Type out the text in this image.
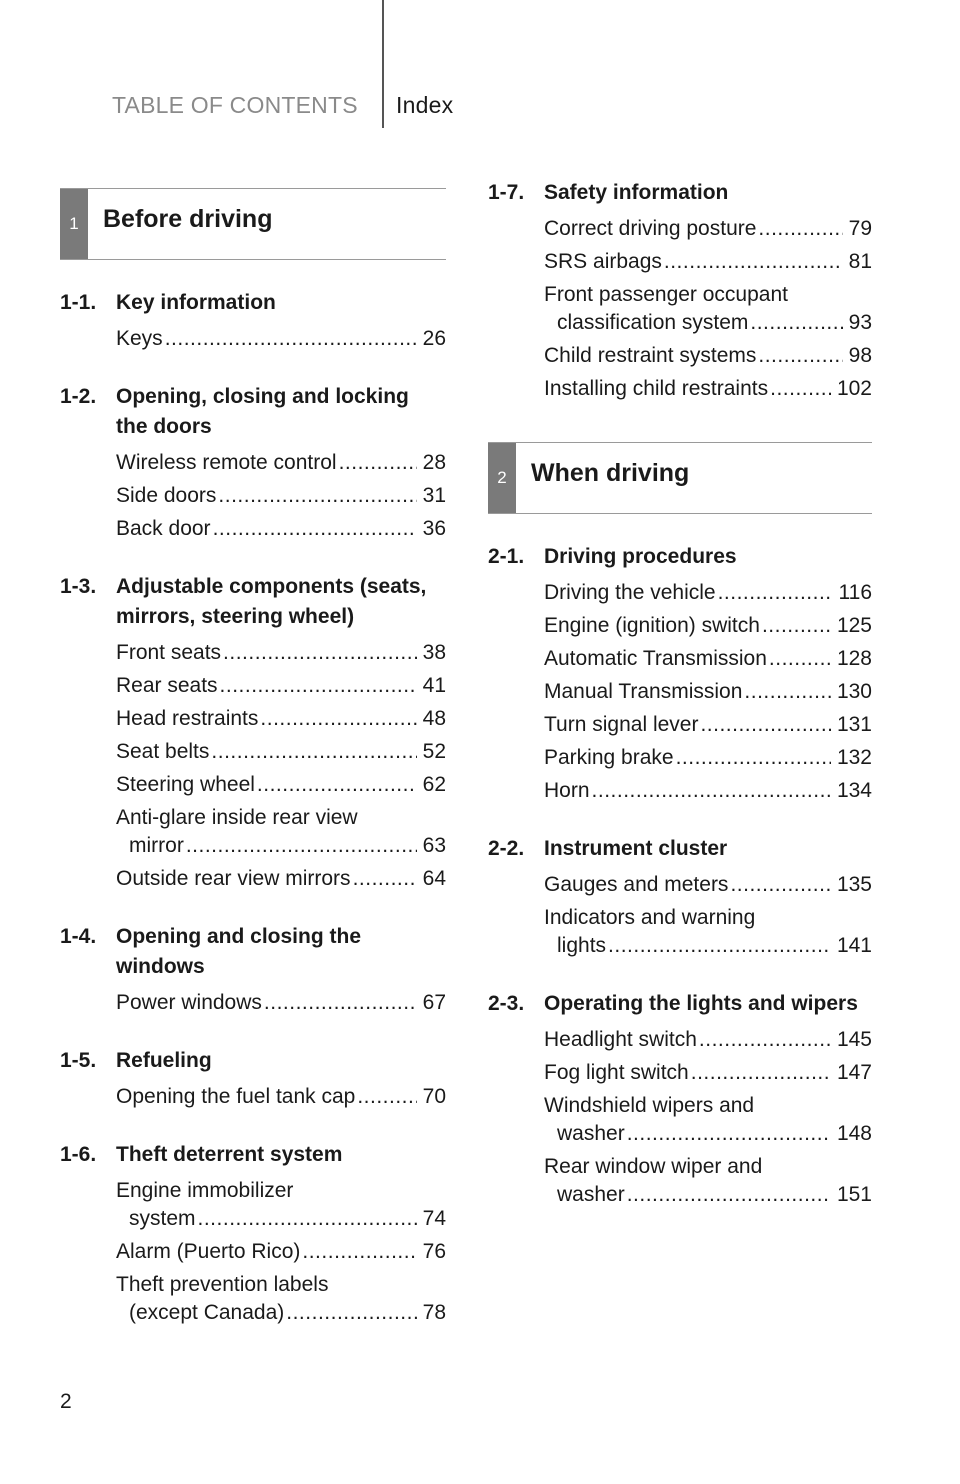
TABLE OF CONTENTS Index
1 Before driving
1-1. Key information
Keys .....	26
1-2. Opening, closing and locking the doors
Wireless remote control .....	28
Side doors .....	31
Back door .....	36
1-3. Adjustable components (seats, mirrors, steering wheel)
Front seats .....	38
Rear seats .....	41
Head restraints .....	48
Seat belts .....	52
Steering wheel .....	62
Anti-glare inside rear view
mirror .....	63
Outside rear view mirrors .....	64
1-4. Opening and closing the windows
Power windows .....	67
1-5. Refueling
Opening the fuel tank cap .....	70
1-6. Theft deterrent system
Engine immobilizer
system .....	74
Alarm (Puerto Rico) .....	76
Theft prevention labels
(except Canada) .....	78
1-7. Safety information
Correct driving posture .....	79
SRS airbags .....	81
Front passenger occupant
classification system .....	93
Child restraint systems .....	98
Installing child restraints .....	102
2 When driving
2-1. Driving procedures
Driving the vehicle .....	116
Engine (ignition) switch .....	125
Automatic Transmission .....	128
Manual Transmission .....	130
Turn signal lever .....	131
Parking brake .....	132
Horn .....	134
2-2. Instrument cluster
Gauges and meters .....	135
Indicators and warning
lights .....	141
2-3. Operating the lights and wipers
Headlight switch .....	145
Fog light switch .....	147
Windshield wipers and
washer .....	148
Rear window wiper and
washer .....	151
2
